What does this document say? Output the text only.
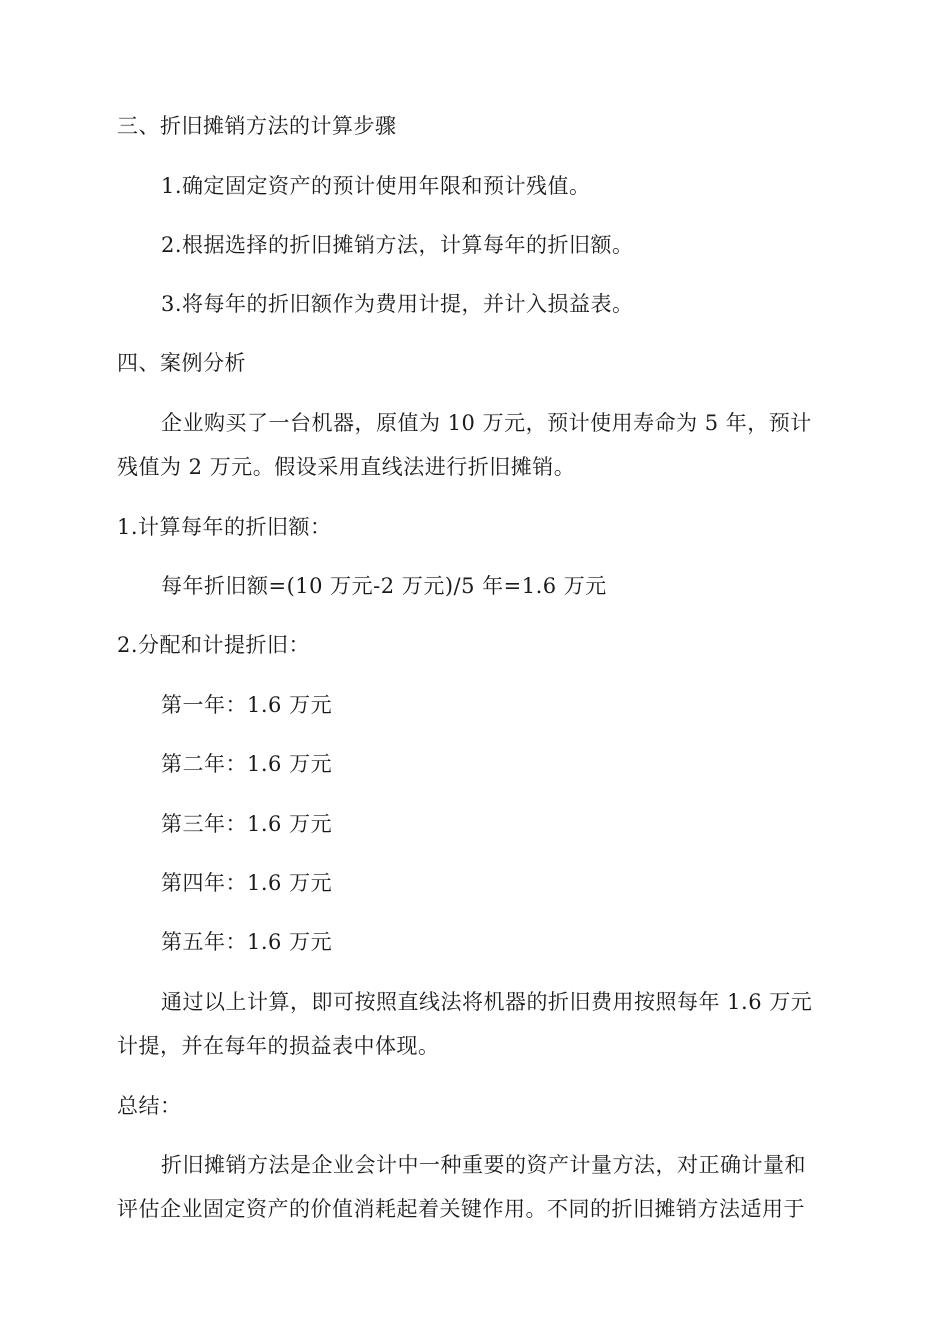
三、折旧摊销方法的计算步骤
1.确定固定资产的预计使用年限和预计残值。
2.根据选择的折旧摊销方法，计算每年的折旧额。
3.将每年的折旧额作为费用计提，并计入损益表。
四、案例分析
企业购买了一台机器，原值为 10 万元，预计使用寿命为 5 年，预计
残值为 2 万元。假设采用直线法进行折旧摊销。
1.计算每年的折旧额：
每年折旧额=(10 万元-2 万元)/5 年=1.6 万元
2.分配和计提折旧：
第一年：1.6 万元
第二年：1.6 万元
第三年：1.6 万元
第四年：1.6 万元
第五年：1.6 万元
通过以上计算，即可按照直线法将机器的折旧费用按照每年 1.6 万元
计提，并在每年的损益表中体现。
总结：
折旧摊销方法是企业会计中一种重要的资产计量方法，对正确计量和
评估企业固定资产的价值消耗起着关键作用。不同的折旧摊销方法适用于
